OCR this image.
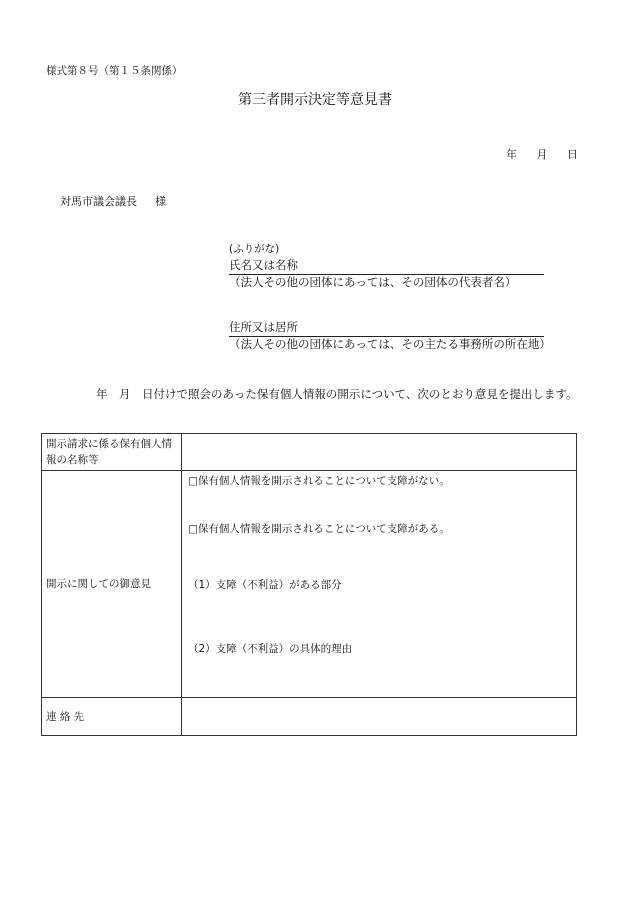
様式第８号（第１５条関係）
第三者開示決定等意見書
年 月 日
対馬市議会議長 様
(ふりがな)
氏名又は名称
（法人その他の団体にあっては、その団体の代表者名）
住所又は居所
（法人その他の団体にあっては、その主たる事務所の所在地）
年　月　日付けで照会のあった保有個人情報の開示について、次のとおり意見を提出します。
開示請求に係る保有個人情報の名称等	
開示に関しての御意見	□保有個人情報を開示されることについて支障がない。
□保有個人情報を開示されることについて支障がある。
（1）支障（不利益）がある部分
（2）支障（不利益）の具体的理由

連 絡 先	
